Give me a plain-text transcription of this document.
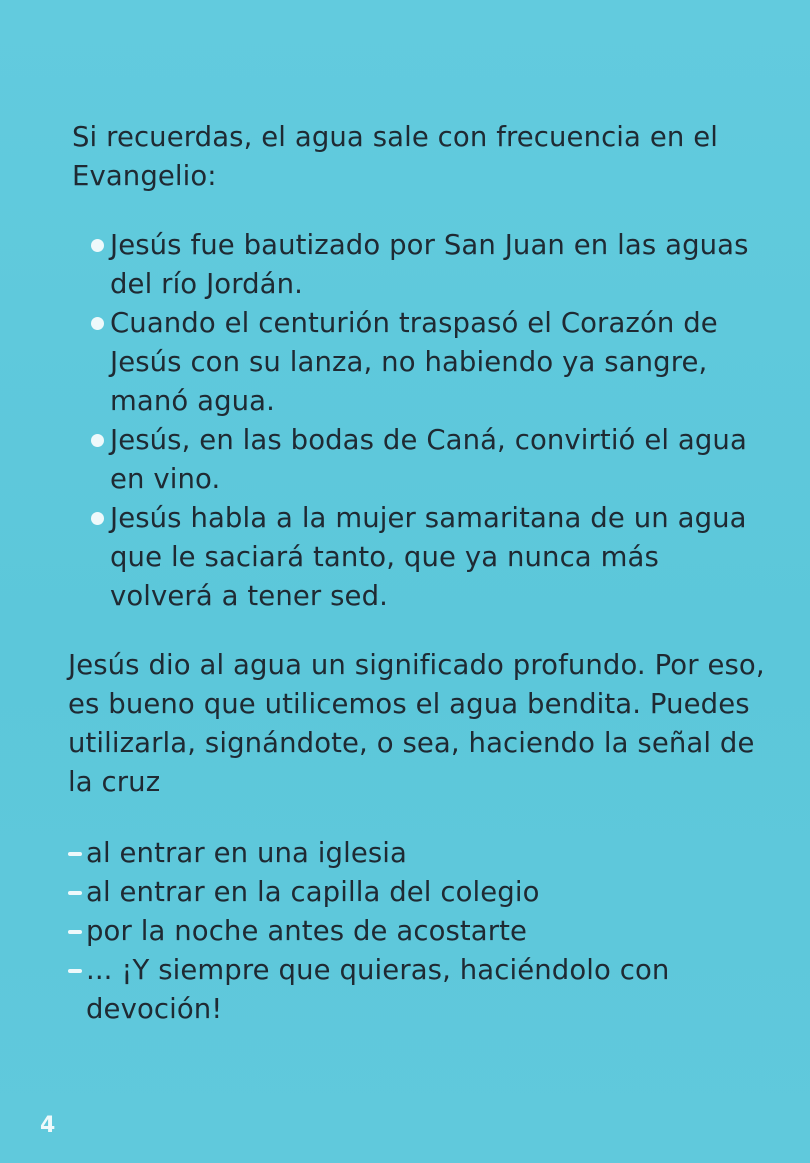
Si recuerdas, el agua sale con frecuencia en el Evangelio:

Jesús fue bautizado por San Juan en las aguas del río Jordán.
Cuando el centurión traspasó el Corazón de Jesús con su lanza, no habiendo ya sangre, manó agua.
Jesús, en las bodas de Caná, convirtió el agua en vino.
Jesús habla a la mujer samaritana de un agua que le saciará tanto, que ya nunca más volverá a tener sed.

Jesús dio al agua un significado profundo. Por eso, es bueno que utilicemos el agua bendita. Puedes utilizarla, signándote, o sea, haciendo la señal de la cruz

al entrar en una iglesia
al entrar en la capilla del colegio
por la noche antes de acostarte
... ¡Y siempre que quieras, haciéndolo con devoción!
4
